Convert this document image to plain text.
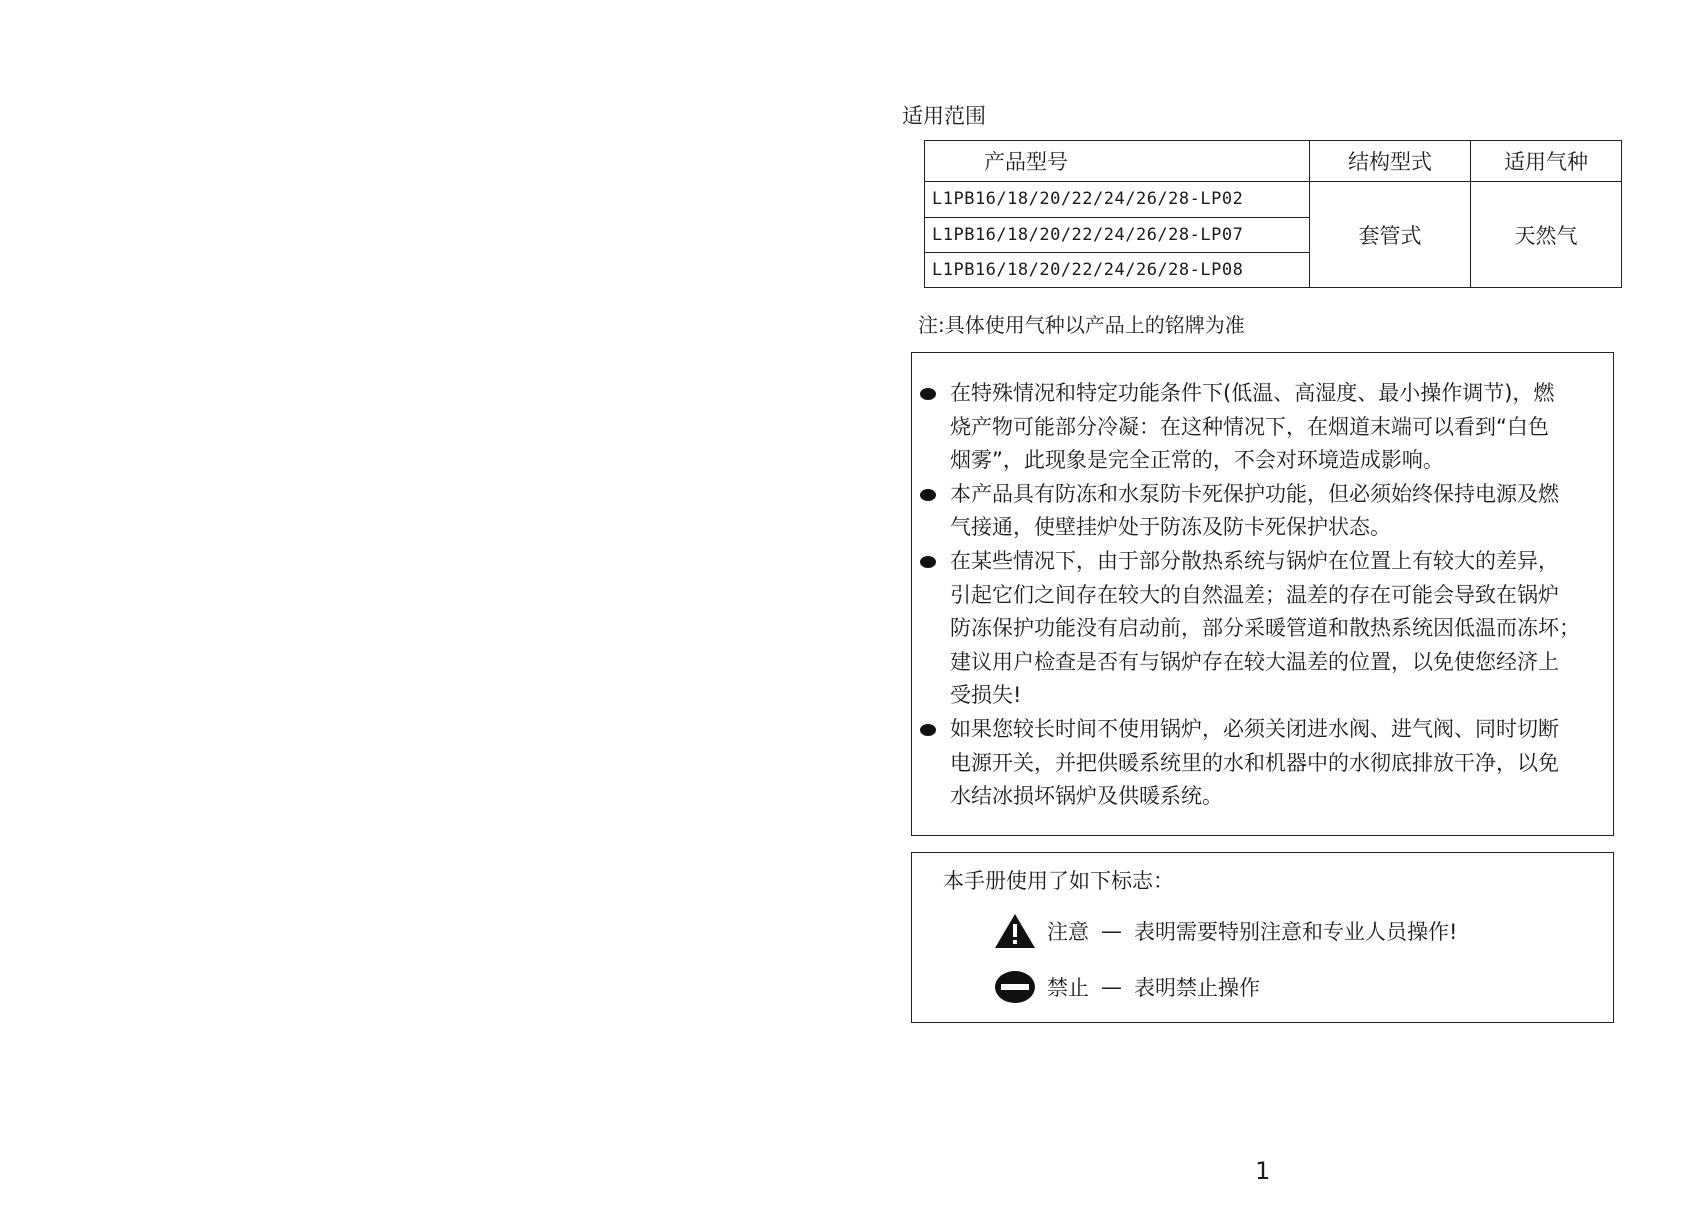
适用范围
产品型号	结构型式	适用气种
L1PB16/18/20/22/24/26/28-LP02	套管式	天然气
L1PB16/18/20/22/24/26/28-LP07		
L1PB16/18/20/22/24/26/28-LP08		
注:具体使用气种以产品上的铭牌为准
在特殊情况和特定功能条件下(低温、高湿度、最小操作调节)，燃
烧产物可能部分冷凝：在这种情况下，在烟道末端可以看到“白色
烟雾”，此现象是完全正常的，不会对环境造成影响。
本产品具有防冻和水泵防卡死保护功能，但必须始终保持电源及燃
气接通，使壁挂炉处于防冻及防卡死保护状态。
在某些情况下，由于部分散热系统与锅炉在位置上有较大的差异，
引起它们之间存在较大的自然温差；温差的存在可能会导致在锅炉
防冻保护功能没有启动前，部分采暖管道和散热系统因低温而冻坏；
建议用户检查是否有与锅炉存在较大温差的位置，以免使您经济上
受损失!
如果您较长时间不使用锅炉，必须关闭进水阀、进气阀、同时切断
电源开关，并把供暖系统里的水和机器中的水彻底排放干净，以免
水结冰损坏锅炉及供暖系统。
本手册使用了如下标志：
注意 — 表明需要特别注意和专业人员操作!
禁止 — 表明禁止操作
1
